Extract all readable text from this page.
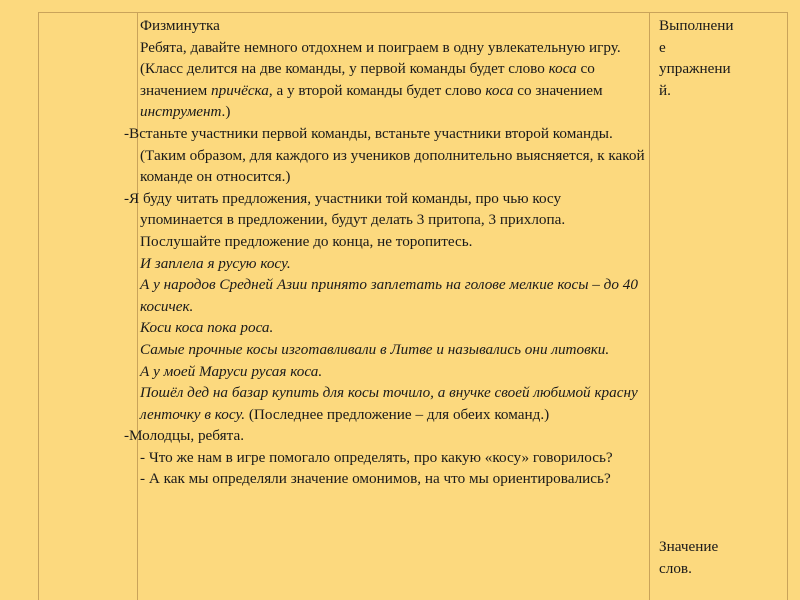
Физминутка

Ребята, давайте немного отдохнем и поиграем в одну увлекательную игру.

(Класс делится на две команды, у первой команды будет слово коса со значением причёска, а у второй команды будет слово коса со значением инструмент.)

-Встаньте участники первой команды, встаньте участники второй команды. (Таким образом, для каждого из учеников дополнительно выясняется, к какой команде он относится.)

-Я буду читать предложения, участники той команды, про чью косу упоминается в предложении, будут делать 3 притопа, 3 прихлопа. Послушайте предложение до конца, не торопитесь.

И заплела я русую косу.

А у народов Средней Азии принято заплетать на голове мелкие косы – до 40 косичек.

Коси коса пока роса.

Самые прочные косы изготавливали в Литве и назывались они литовки.

А у моей Маруси русая коса.

Пошёл дед на базар купить для косы точило, а внучке своей любимой красну ленточку в косу. (Последнее предложение – для обеих команд.)

-Молодцы, ребята.

- Что же нам в игре помогало определять, про какую «косу» говорилось?

- А как мы определяли значение омонимов, на что мы ориентировались?

Выполнени

е

упражнени

й.

Значение

слов.
